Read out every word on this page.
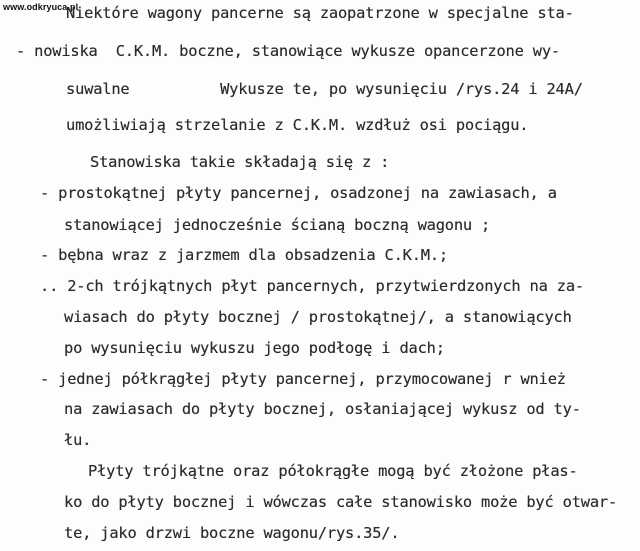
www.odkryuca.pl
Niektóre wagony pancerne są zaopatrzone w specjalne sta-
- nowiska  C.K.M. boczne, stanowiące wykusze opancerzone wy-
suwalne          Wykusze te, po wysunięciu /rys.24 i 24A/
umożliwiają strzelanie z C.K.M. wzdłuż osi pociągu.
Stanowiska takie składają się z :
- prostokątnej płyty pancernej, osadzonej na zawiasach, a
stanowiącej jednocześnie ścianą boczną wagonu ;
- bębna wraz z jarzmem dla obsadzenia C.K.M.;
.. 2-ch trójkątnych płyt pancernych, przytwierdzonych na za-
wiasach do płyty bocznej / prostokątnej/, a stanowiących
po wysunięciu wykuszu jego podłogę i dach;
- jednej półkrągłej płyty pancernej, przymocowanej r wnież
na zawiasach do płyty bocznej, osłaniającej wykusz od ty-
łu.
Płyty trójkątne oraz półokrągłe mogą być złożone płas-
ko do płyty bocznej i wówczas całe stanowisko może być otwar-
te, jako drzwi boczne wagonu/rys.35/.
